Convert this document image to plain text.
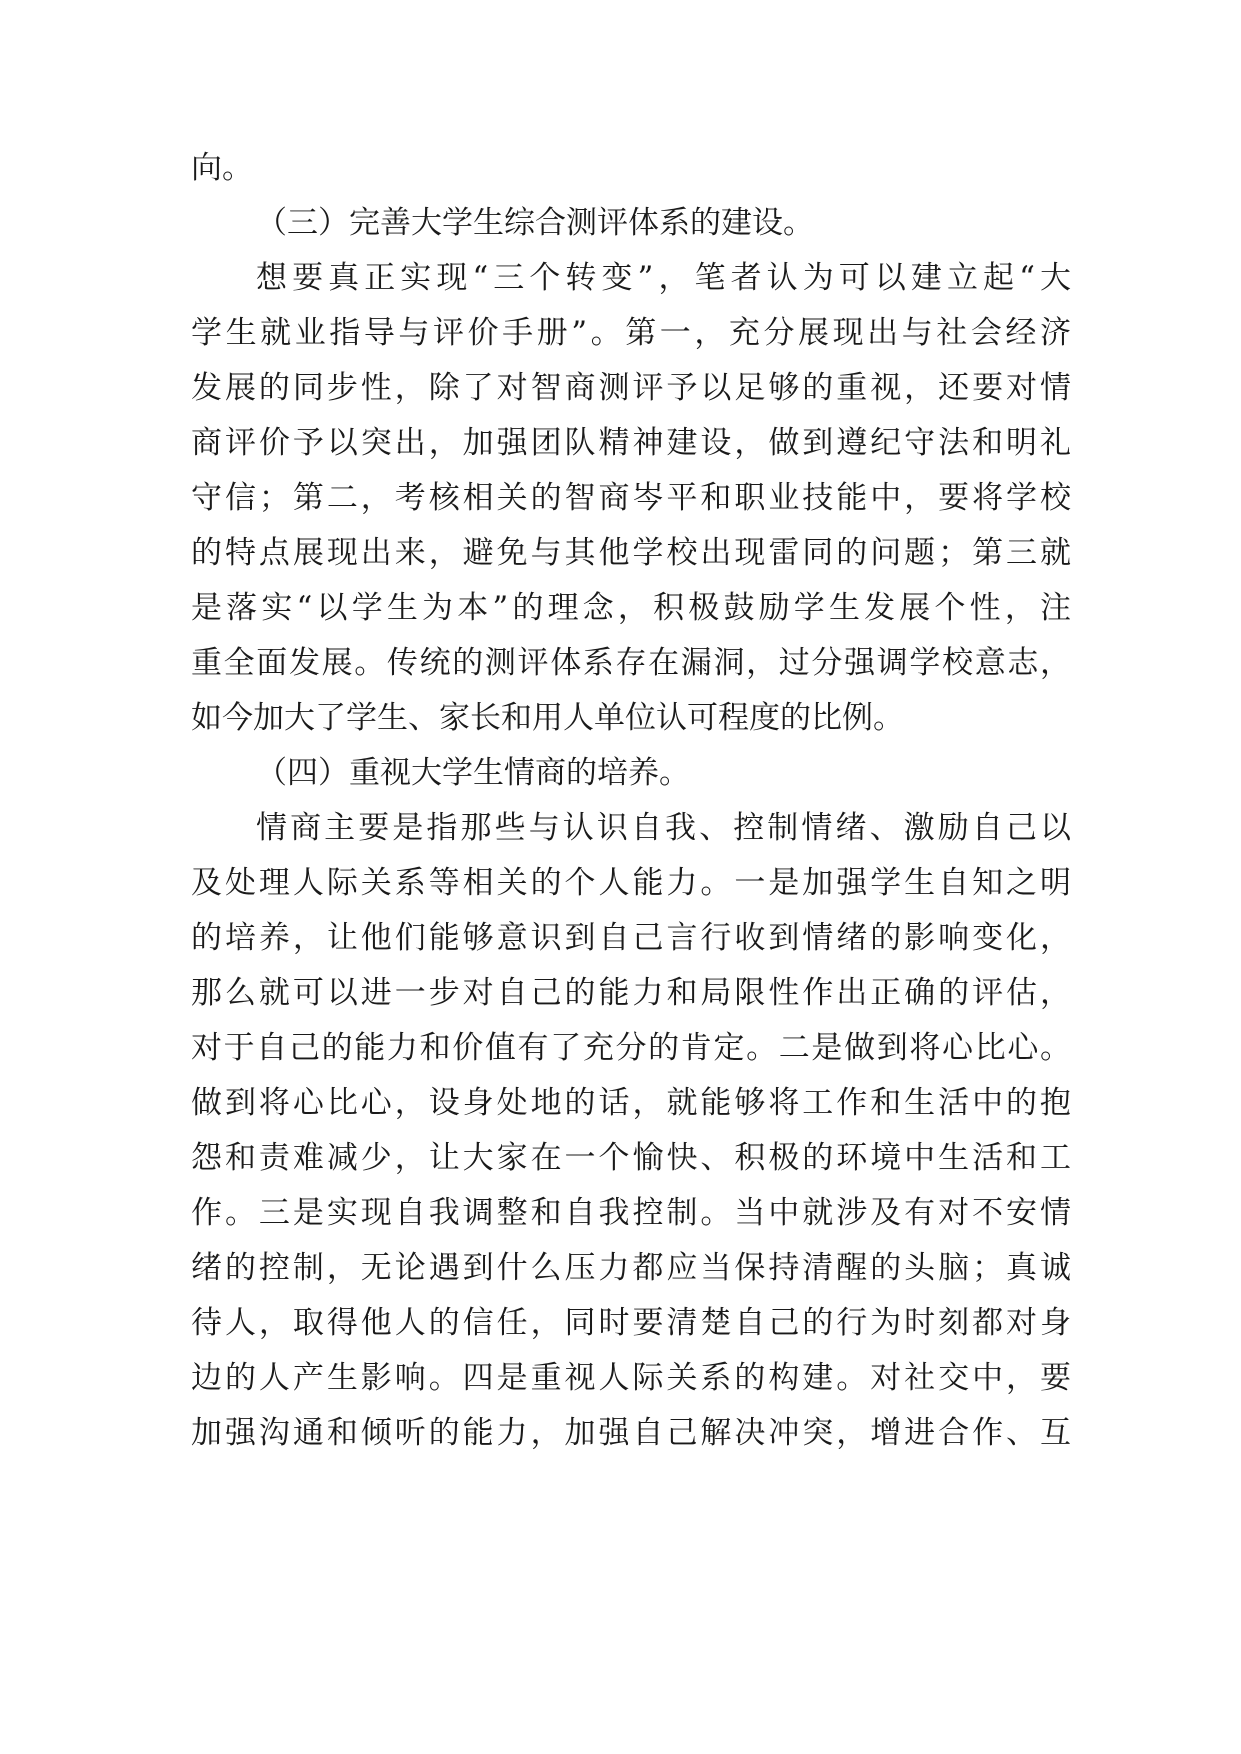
向。
（三）完善大学生综合测评体系的建设。
想要真正实现“三个转变”，笔者认为可以建立起“大
学生就业指导与评价手册”。第一，充分展现出与社会经济
发展的同步性，除了对智商测评予以足够的重视，还要对情
商评价予以突出，加强团队精神建设，做到遵纪守法和明礼
守信；第二，考核相关的智商岑平和职业技能中，要将学校
的特点展现出来，避免与其他学校出现雷同的问题；第三就
是落实“以学生为本”的理念，积极鼓励学生发展个性，注
重全面发展。传统的测评体系存在漏洞，过分强调学校意志，
如今加大了学生、家长和用人单位认可程度的比例。
（四）重视大学生情商的培养。
情商主要是指那些与认识自我、控制情绪、激励自己以
及处理人际关系等相关的个人能力。一是加强学生自知之明
的培养，让他们能够意识到自己言行收到情绪的影响变化，
那么就可以进一步对自己的能力和局限性作出正确的评估，
对于自己的能力和价值有了充分的肯定。二是做到将心比心。
做到将心比心，设身处地的话，就能够将工作和生活中的抱
怨和责难减少，让大家在一个愉快、积极的环境中生活和工
作。三是实现自我调整和自我控制。当中就涉及有对不安情
绪的控制，无论遇到什么压力都应当保持清醒的头脑；真诚
待人，取得他人的信任，同时要清楚自己的行为时刻都对身
边的人产生影响。四是重视人际关系的构建。对社交中，要
加强沟通和倾听的能力，加强自己解决冲突，增进合作、互
